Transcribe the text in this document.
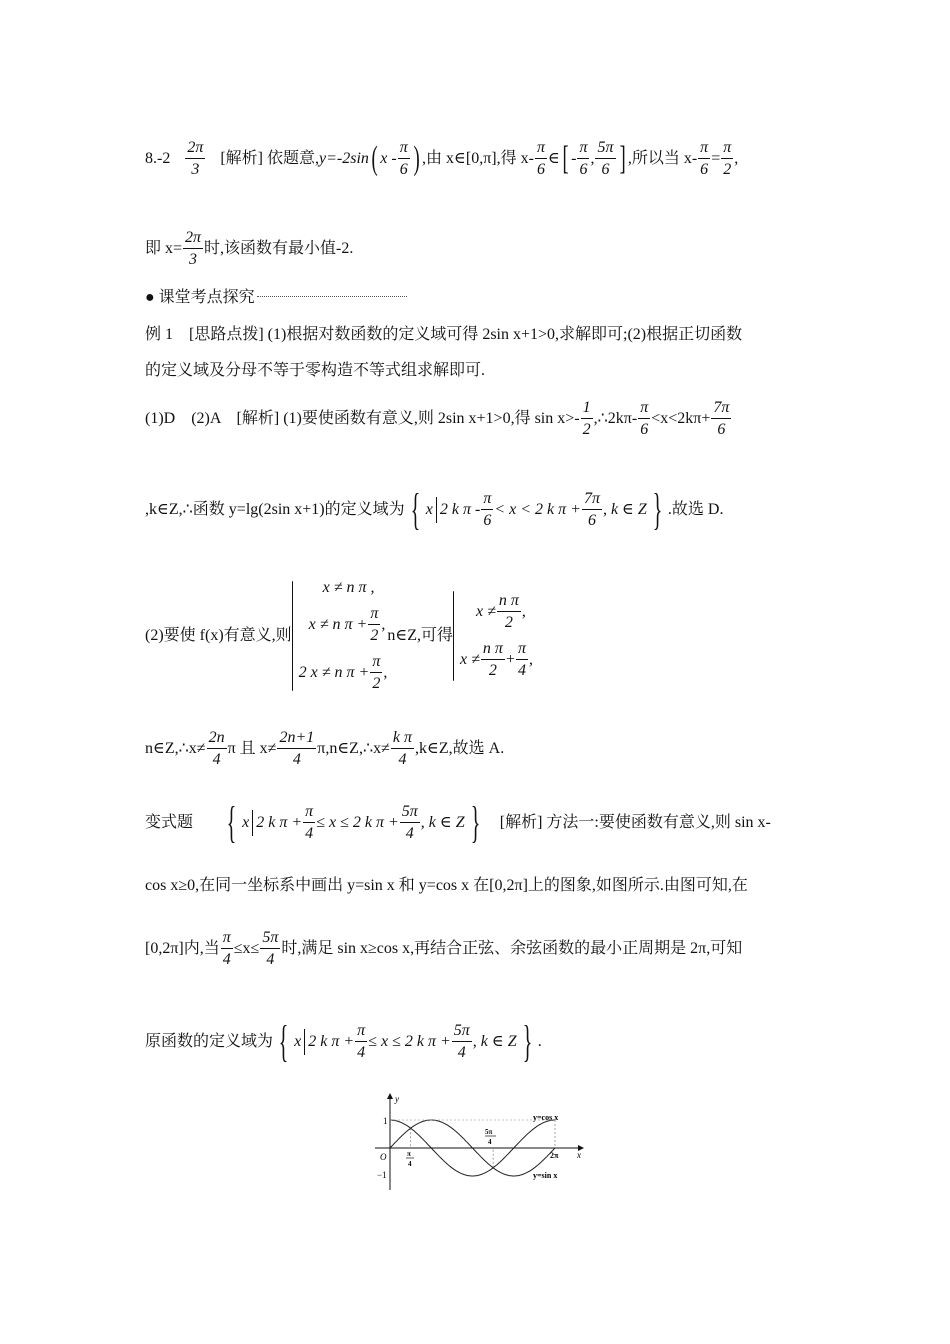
$8.-2 \frac{2\pi}{3}$ [解析] 依题意, y=-2sin ( x - $\frac{\pi}{6}$ ) ,由 x∈[0,π],得 $x- \frac{\pi}{6}$ ∈ [ - $\frac{\pi}{6}$ , $\frac{5\pi}{6}$ ] ,所以当 $x- \frac{\pi}{6} = \frac{\pi}{2}$ ,
即 $x= \frac{2\pi}{3}$ 时,该函数有最小值-2.
● 课堂考点探究
例 1　[思路点拨] (1)根据对数函数的定义域可得 2sin x+1>0,求解即可;(2)根据正切函数
的定义域及分母不等于零构造不等式组求解即可.
(1)D　(2)A　[解析] (1)要使函数有意义,则 2sin x+1>0,得 $\sin x>- \frac{1}{2}$ ,∴2kπ- $\frac{\pi}{6} <x<2k\pi+ \frac{7\pi}{6}$
,k∈Z,∴函数 y=lg(2sin x+1)的定义域为 { x 2 k $\pi - \frac{\pi}{6} < x < 2$ k $\pi + \frac{7\pi}{6}$ , k ∈ Z } .故选 D.
(2)要使 f(x)有意义,则
x ≠ n π ,
x ≠ n $\pi + \frac{\pi}{2}$ ,
2 x ≠ n $\pi + \frac{\pi}{2}$ ,
n∈Z,可得
$x \ne \frac{\text{n π}}{2}$ ,
$x \ne \frac{\text{n π}}{2} + \frac{\pi}{4}$ ,
n∈Z,∴x≠ $\frac{2n}{4}$ π 且 $x\ne \frac{2n+1}{4}$ π,n∈Z,∴x≠ $\frac{\text{k π}}{4}$ ,k∈Z,故选 A.
变式题 { x 2 k $\pi + \frac{\pi}{4} \le x \le 2$ k $\pi + \frac{5\pi}{4}$ , k ∈ Z } [解析] 方法一:要使函数有意义,则 sin x-
cos x≥0,在同一坐标系中画出 y=sin x 和 y=cos x 在[0,2π]上的图象,如图所示.由图可知,在
[0,2π]内,当 $\frac{\pi}{4} \le x\le \frac{5\pi}{4}$ 时,满足 sin x≥cos x,再结合正弦、余弦函数的最小正周期是 2π,可知
原函数的定义域为 { x 2 k $\pi + \frac{\pi}{4} \le x \le 2$ k $\pi + \frac{5\pi}{4}$ , k ∈ Z } .
y
x
1
−1
O	π
4
5π
4
2π
y=cos x
y=sin x
